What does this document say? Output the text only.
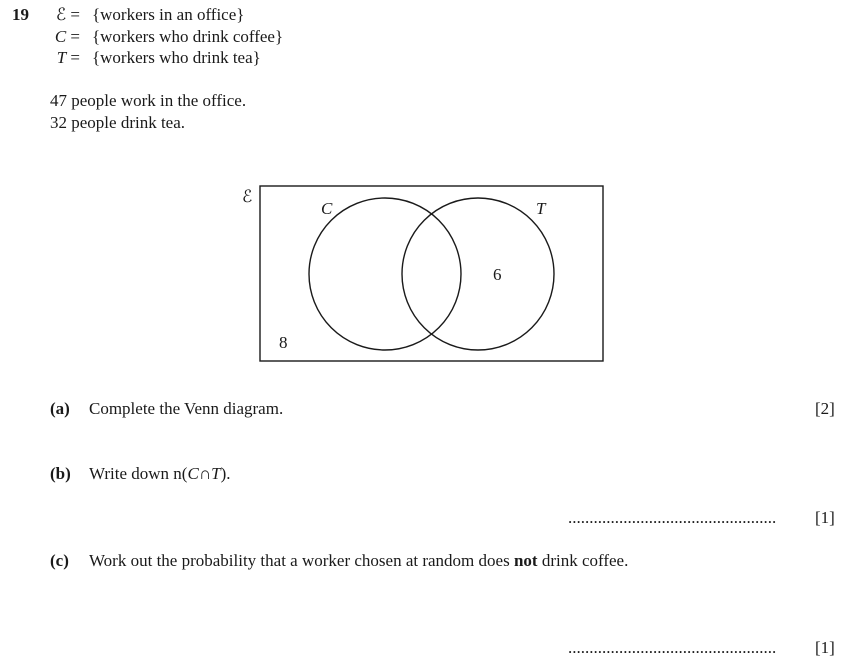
19	ℰ = {workers in an office}
C = {workers who drink coffee}
T = {workers who drink tea}
47 people work in the office.
32 people drink tea.
ℰ
C	T
6
8
(a) Complete the Venn diagram.	[2]
(b) Write down n(C∩T).
................................................. [1]
(c) Work out the probability that a worker chosen at random does not drink coffee.
................................................. [1]
